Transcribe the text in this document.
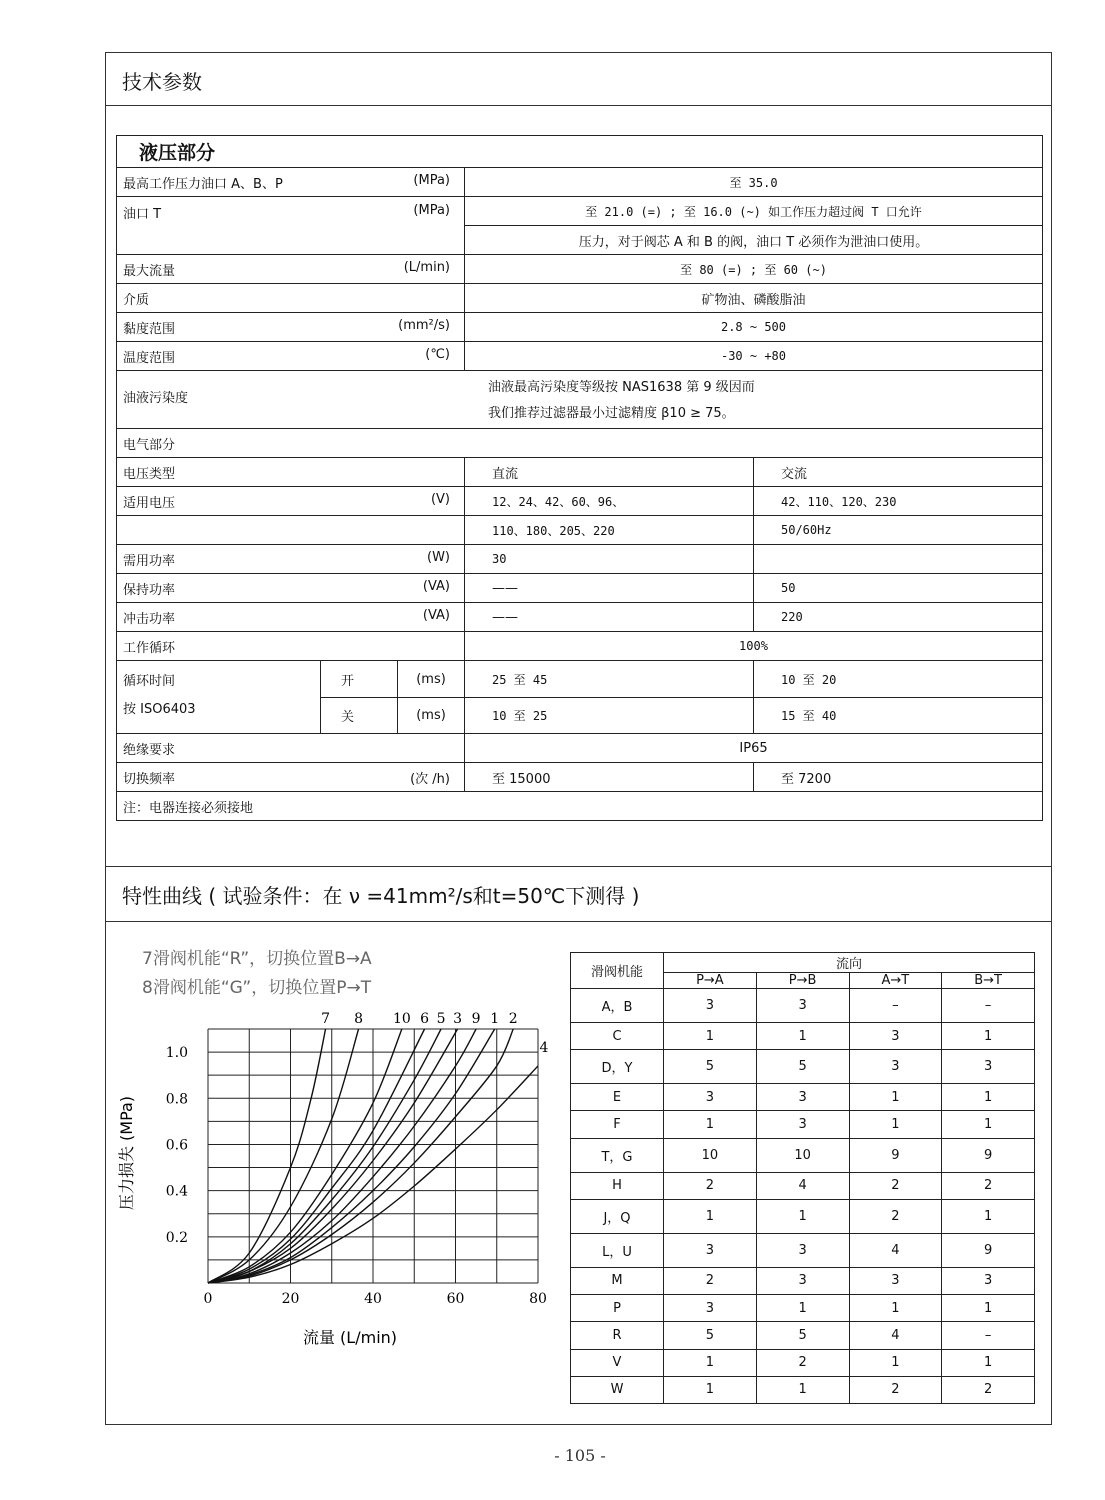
技术参数
特性曲线 ( 试验条件：在 ν =41mm²/s和t=50℃下测得 )
液压部分				
最高工作压力油口 A、B、P (MPa)			至 35.0	
油口 T (MPa)			至 21.0 (=) ; 至 16.0 (~) 如工作压力超过阀 T 口允许	
			压力，对于阀芯 A 和 B 的阀，油口 T 必须作为泄油口使用。	
最大流量 (L/min)			至 80 (=) ; 至 60 (~)	
介质			矿物油、磷酸脂油	
黏度范围 (mm²/s)			2.8 ~ 500	
温度范围 (℃)			-30 ~ +80	

油液污染度
油液最高污染度等级按 NAS1638 第 9 级因而
我们推荐过滤器最小过滤精度 β10 ≥ 75。				

电气部分				
电压类型			直流	交流
适用电压 (V)			12、24、42、60、96、	42、110、120、230
			110、180、205、220	50/60Hz
需用功率 (W)			30	
保持功率 (VA)			——	50
冲击功率 (VA)			——	220
工作循环			100%	
循环时间	开	(ms)	25 至 45	10 至 20
按 ISO6403	关	(ms)	10 至 25	15 至 40
绝缘要求			IP65	
切换频率 (次 /h)			至 15000	至 7200
注：电器连接必须接地				
7滑阀机能“R”，切换位置B→A
8滑阀机能“G”，切换位置P→T
0	20	40	60	80
0.2
0.4
0.6
0.8
1.0
7 8 10 6 5 3 9 1 2
4
流量 (L/min)
压力损失 (MPa)
滑阀机能	流向			
	P→A	P→B	A→T	B→T
A，B	3	3	–	–
C	1	1	3	1
D，Y	5	5	3	3
E	3	3	1	1
F	1	3	1	1
T，G	10	10	9	9
H	2	4	2	2
J，Q	1	1	2	1
L，U	3	3	4	9
M	2	3	3	3
P	3	1	1	1
R	5	5	4	–
V	1	2	1	1
W	1	1	2	2
- 105 -
